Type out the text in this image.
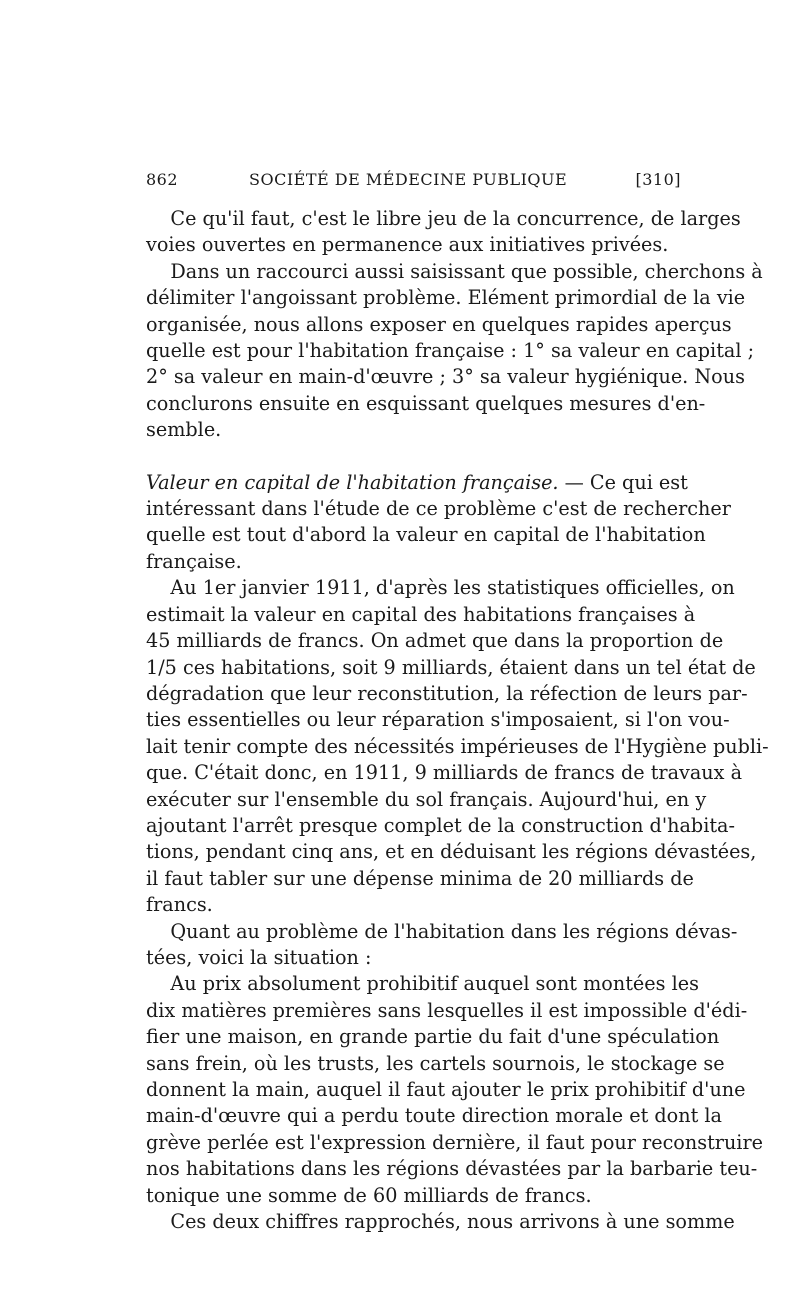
862	SOCIÉTÉ DE MÉDECINE PUBLIQUE	[310]
Ce qu'il faut, c'est le libre jeu de la concurrence, de larges
voies ouvertes en permanence aux initiatives privées.
Dans un raccourci aussi saisissant que possible, cherchons à
délimiter l'angoissant problème. Elément primordial de la vie
organisée, nous allons exposer en quelques rapides aperçus
quelle est pour l'habitation française : 1° sa valeur en capital ;
2° sa valeur en main-d'œuvre ; 3° sa valeur hygiénique. Nous
conclurons ensuite en esquissant quelques mesures d'en-
semble.
Valeur en capital de l'habitation française. — Ce qui est
intéressant dans l'étude de ce problème c'est de rechercher
quelle est tout d'abord la valeur en capital de l'habitation
française.
Au 1er janvier 1911, d'après les statistiques officielles, on
estimait la valeur en capital des habitations françaises à
45 milliards de francs. On admet que dans la proportion de
1/5 ces habitations, soit 9 milliards, étaient dans un tel état de
dégradation que leur reconstitution, la réfection de leurs par-
ties essentielles ou leur réparation s'imposaient, si l'on vou-
lait tenir compte des nécessités impérieuses de l'Hygiène publi-
que. C'était donc, en 1911, 9 milliards de francs de travaux à
exécuter sur l'ensemble du sol français. Aujourd'hui, en y
ajoutant l'arrêt presque complet de la construction d'habita-
tions, pendant cinq ans, et en déduisant les régions dévastées,
il faut tabler sur une dépense minima de 20 milliards de
francs.
Quant au problème de l'habitation dans les régions dévas-
tées, voici la situation :
Au prix absolument prohibitif auquel sont montées les
dix matières premières sans lesquelles il est impossible d'édi-
fier une maison, en grande partie du fait d'une spéculation
sans frein, où les trusts, les cartels sournois, le stockage se
donnent la main, auquel il faut ajouter le prix prohibitif d'une
main-d'œuvre qui a perdu toute direction morale et dont la
grève perlée est l'expression dernière, il faut pour reconstruire
nos habitations dans les régions dévastées par la barbarie teu-
tonique une somme de 60 milliards de francs.
Ces deux chiffres rapprochés, nous arrivons à une somme
